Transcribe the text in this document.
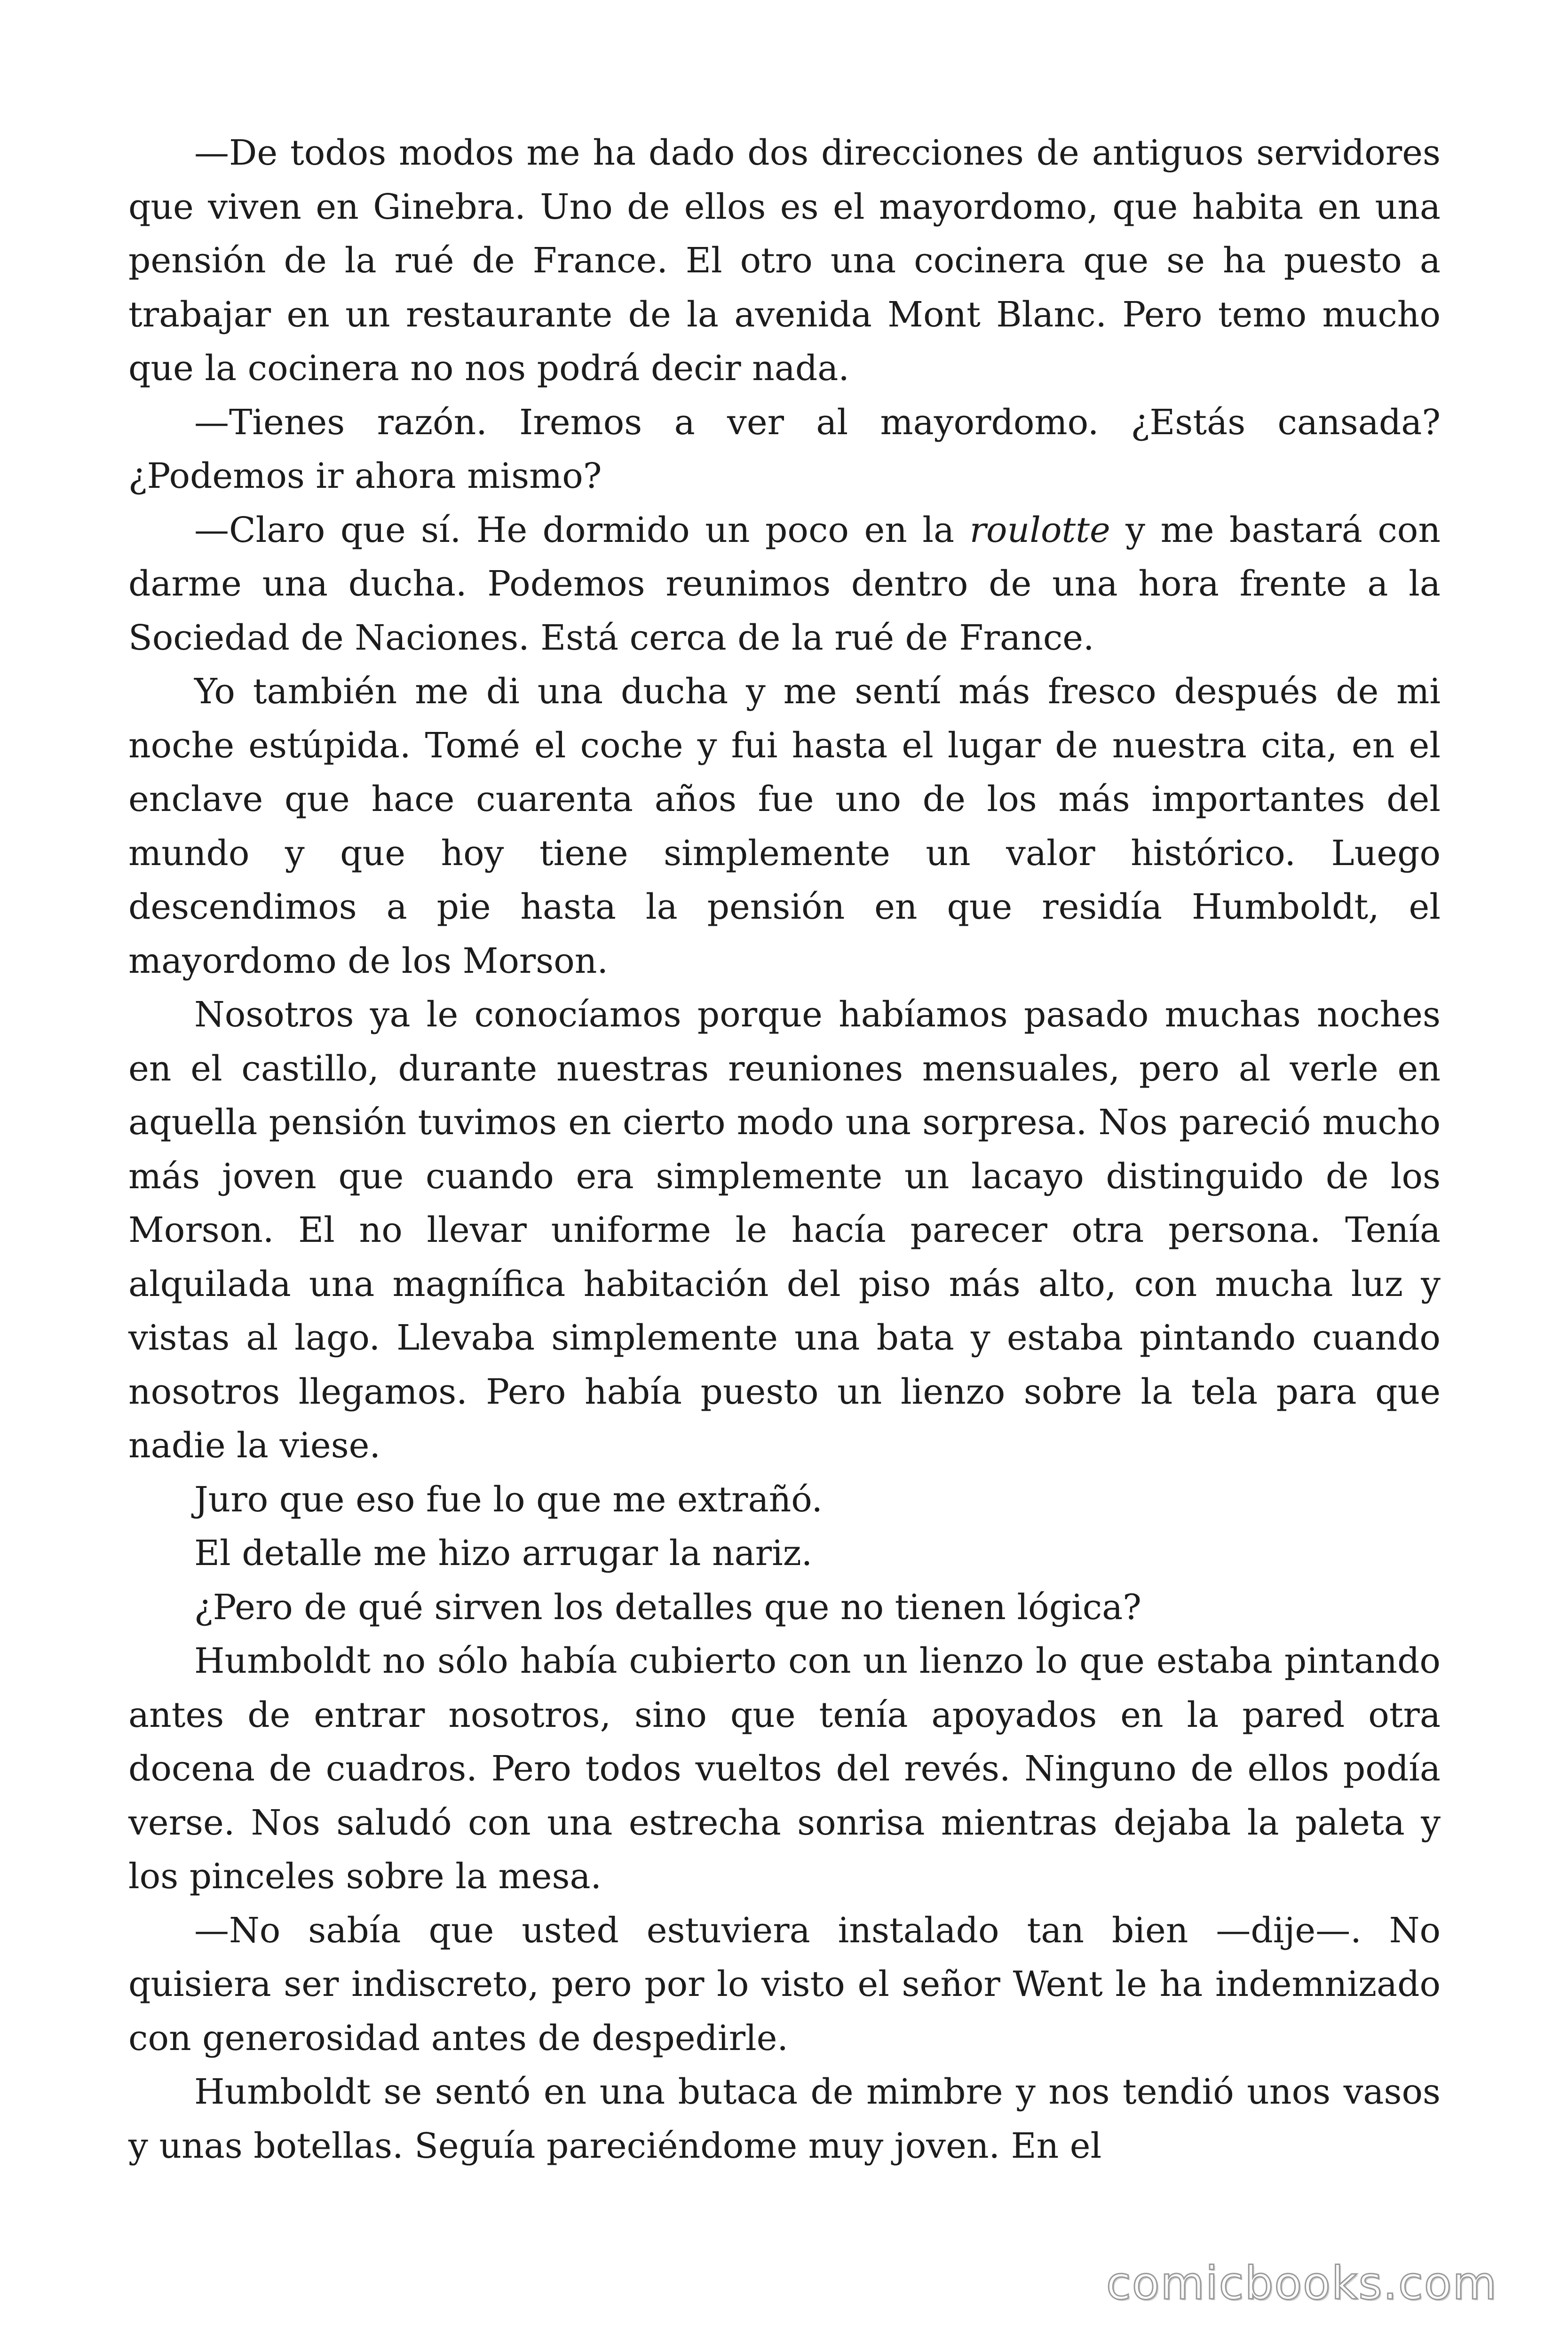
—De todos modos me ha dado dos direcciones de antiguos servidores que viven en Ginebra. Uno de ellos es el mayordomo, que habita en una pensión de la rué de France. El otro una cocinera que se ha puesto a trabajar en un restaurante de la avenida Mont Blanc. Pero temo mucho que la cocinera no nos podrá decir nada.

—Tienes razón. Iremos a ver al mayordomo. ¿Estás cansada? ¿Podemos ir ahora mismo?

—Claro que sí. He dormido un poco en la roulotte y me bastará con darme una ducha. Podemos reunimos dentro de una hora frente a la Sociedad de Naciones. Está cerca de la rué de France.

Yo también me di una ducha y me sentí más fresco después de mi noche estúpida. Tomé el coche y fui hasta el lugar de nuestra cita, en el enclave que hace cuarenta años fue uno de los más importantes del mundo y que hoy tiene simplemente un valor histórico. Luego descendimos a pie hasta la pensión en que residía Humboldt, el mayordomo de los Morson.

Nosotros ya le conocíamos porque habíamos pasado muchas noches en el castillo, durante nuestras reuniones mensuales, pero al verle en aquella pensión tuvimos en cierto modo una sorpresa. Nos pareció mucho más joven que cuando era simplemente un lacayo distinguido de los Morson. El no llevar uniforme le hacía parecer otra persona. Tenía alquilada una magnífica habitación del piso más alto, con mucha luz y vistas al lago. Llevaba simplemente una bata y estaba pintando cuando nosotros llegamos. Pero había puesto un lienzo sobre la tela para que nadie la viese.

Juro que eso fue lo que me extrañó.

El detalle me hizo arrugar la nariz.

¿Pero de qué sirven los detalles que no tienen lógica?

Humboldt no sólo había cubierto con un lienzo lo que estaba pintando antes de entrar nosotros, sino que tenía apoyados en la pared otra docena de cuadros. Pero todos vueltos del revés. Ninguno de ellos podía verse. Nos saludó con una estrecha sonrisa mientras dejaba la paleta y los pinceles sobre la mesa.

—No sabía que usted estuviera instalado tan bien —dije—. No quisiera ser indiscreto, pero por lo visto el señor Went le ha indemnizado con generosidad antes de despedirle.

Humboldt se sentó en una butaca de mimbre y nos tendió unos vasos y unas botellas. Seguía pareciéndome muy joven. En el

comicbooks.com
